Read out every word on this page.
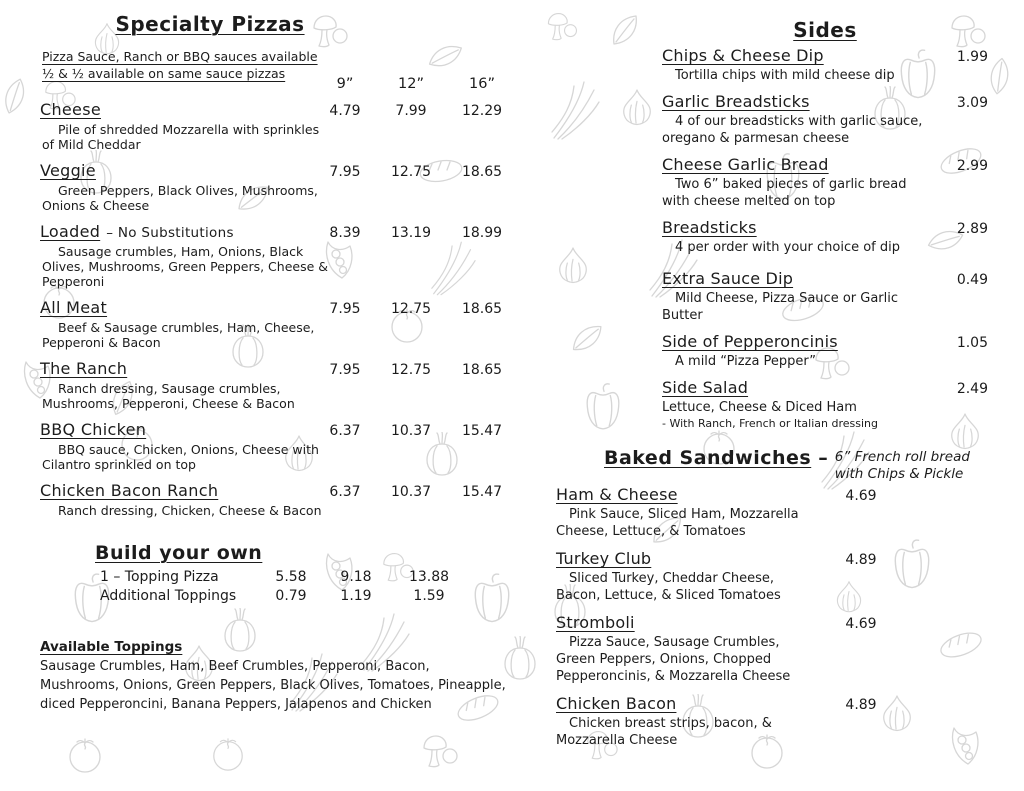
Specialty Pizzas
Pizza Sauce, Ranch or BBQ sauces available
½ & ½ available on same sauce pizzas
9”	12”	16”
Cheese	4.79	7.99	12.29

Pile of shredded Mozzarella with sprinkles of Mild Cheddar

Veggie	7.95	12.75	18.65

Green Peppers, Black Olives, Mushrooms, Onions & Cheese

Loaded – No Substitutions	8.39	13.19	18.99

Sausage crumbles, Ham, Onions, Black Olives, Mushrooms, Green Peppers, Cheese & Pepperoni

All Meat	7.95	12.75	18.65

Beef & Sausage crumbles, Ham, Cheese, Pepperoni & Bacon

The Ranch	7.95	12.75	18.65

Ranch dressing, Sausage crumbles, Mushrooms, Pepperoni, Cheese & Bacon

BBQ Chicken	6.37	10.37	15.47

BBQ sauce, Chicken, Onions, Cheese with Cilantro sprinkled on top

Chicken Bacon Ranch	6.37	10.37	15.47

Ranch dressing, Chicken, Cheese & Bacon

Build your own
1 – Topping Pizza	5.58	9.18	13.88
Additional Toppings	0.79	1.19	1.59
Available Toppings

Sausage Crumbles, Ham, Beef Crumbles, Pepperoni, Bacon, Mushrooms, Onions, Green Peppers, Black Olives, Tomatoes, Pineapple, diced Pepperoncini, Banana Peppers, Jalapenos and Chicken

Sides
Chips & Cheese Dip	1.99

Tortilla chips with mild cheese dip

Garlic Breadsticks	3.09

4 of our breadsticks with garlic sauce, oregano & parmesan cheese

Cheese Garlic Bread	2.99

Two 6” baked pieces of garlic bread with cheese melted on top

Breadsticks	2.89

4 per order with your choice of dip

Extra Sauce Dip	0.49

Mild Cheese, Pizza Sauce or Garlic Butter

Side of Pepperoncinis	1.05

A mild “Pizza Pepper”

Side Salad	2.49

Lettuce, Cheese & Diced Ham

- With Ranch, French or Italian dressing

Baked Sandwiches – 6” French roll bread
with Chips & Pickle
Ham & Cheese	4.69

Pink Sauce, Sliced Ham, Mozzarella Cheese, Lettuce, & Tomatoes

Turkey Club	4.89

Sliced Turkey, Cheddar Cheese, Bacon, Lettuce, & Sliced Tomatoes

Stromboli	4.69

Pizza Sauce, Sausage Crumbles, Green Peppers, Onions, Chopped Pepperoncinis, & Mozzarella Cheese

Chicken Bacon	4.89

Chicken breast strips, bacon, & Mozzarella Cheese
